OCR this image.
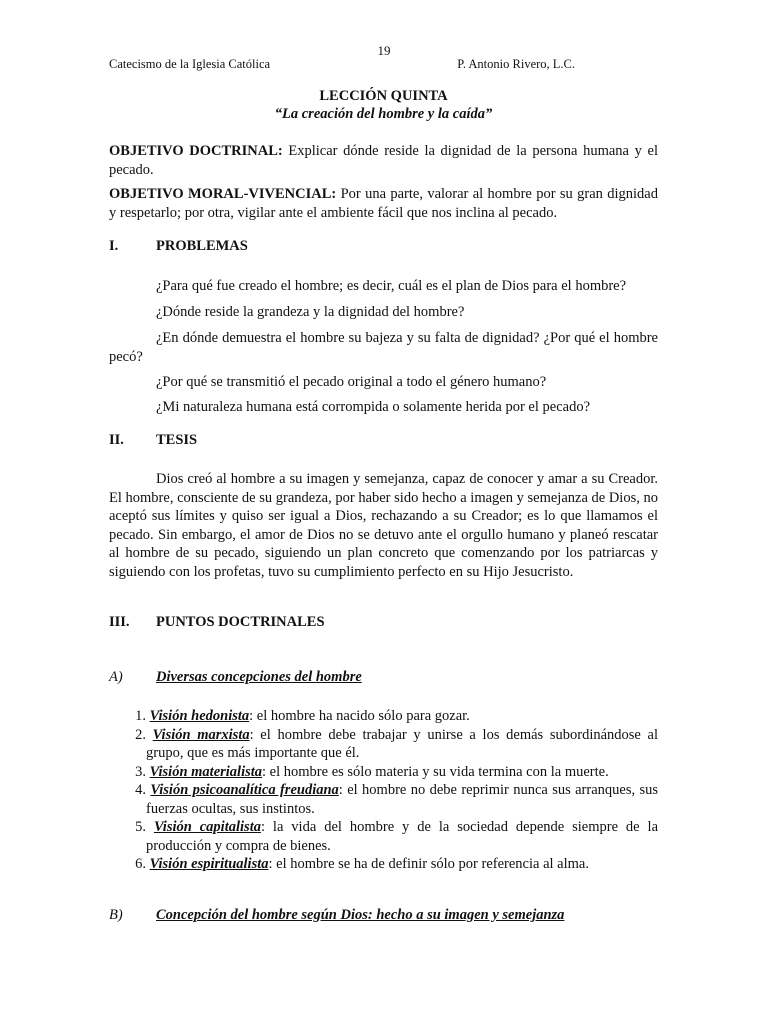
19
Catecismo de la Iglesia Católica	P. Antonio Rivero, L.C.
LECCIÓN QUINTA
“La creación del hombre y la caída”
OBJETIVO DOCTRINAL: Explicar dónde reside la dignidad de la persona humana y el pecado.
OBJETIVO MORAL-VIVENCIAL: Por una parte, valorar al hombre por su gran dignidad y respetarlo; por otra, vigilar ante el ambiente fácil que nos inclina al pecado.
I.	PROBLEMAS
¿Para qué fue creado el hombre; es decir, cuál es el plan de Dios para el hombre?
¿Dónde reside la grandeza y la dignidad del hombre?
¿En dónde demuestra el hombre su bajeza y su falta de dignidad? ¿Por qué el hombre pecó?
¿Por qué se transmitió el pecado original a todo el género humano?
¿Mi naturaleza humana está corrompida o solamente herida por el pecado?
II.	TESIS
Dios creó al hombre a su imagen y semejanza, capaz de conocer y amar a su Creador. El hombre, consciente de su grandeza, por haber sido hecho a imagen y semejanza de Dios, no aceptó sus límites y quiso ser igual a Dios, rechazando a su Creador; es lo que llamamos el pecado. Sin embargo, el amor de Dios no se detuvo ante el orgullo humano y planeó rescatar al hombre de su pecado, siguiendo un plan concreto que comenzando por los patriarcas y siguiendo con los profetas, tuvo su cumplimiento perfecto en su Hijo Jesucristo.
III.	PUNTOS DOCTRINALES
A)	Diversas concepciones del hombre
1. Visión hedonista: el hombre ha nacido sólo para gozar.
2. Visión marxista: el hombre debe trabajar y unirse a los demás subordinándose al grupo, que es más importante que él.
3. Visión materialista: el hombre es sólo materia y su vida termina con la muerte.
4. Visión psicoanalítica freudiana: el hombre no debe reprimir nunca sus arranques, sus fuerzas ocultas, sus instintos.
5. Visión capitalista: la vida del hombre y de la sociedad depende siempre de la producción y compra de bienes.
6. Visión espiritualista: el hombre se ha de definir sólo por referencia al alma.
B)	Concepción del hombre según Dios: hecho a su imagen y semejanza
